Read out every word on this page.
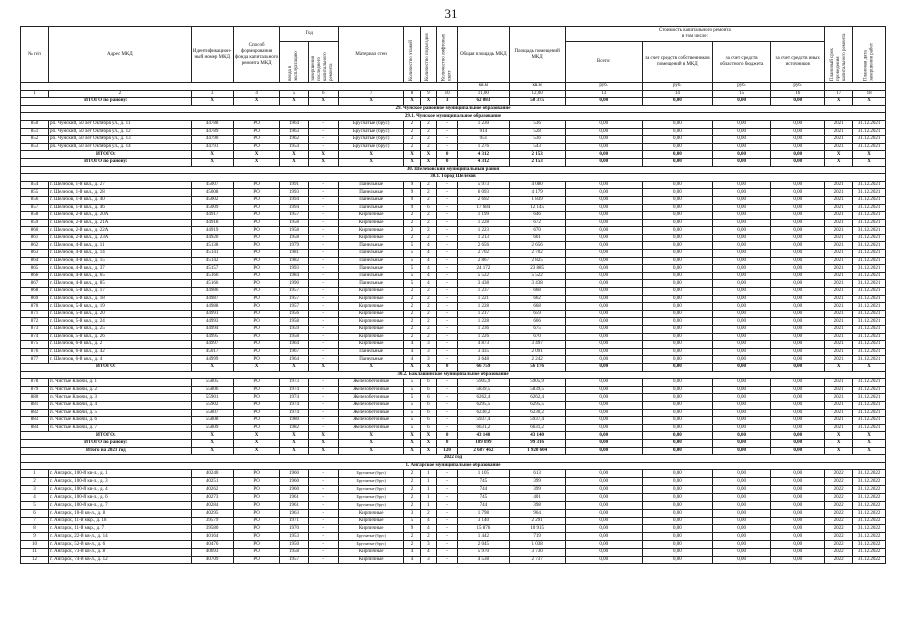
31
№ п/п	Адрес МКД	Идентификационный номер МКД	Способ формирования фонда капитального ремонта МКД	Год		Материал стен	Количество этажей	Количество подъездов	Количество лифтовых шахт	Общая площадь МКД	Площадь помещений МКД	Стоимость капитального ремонта
в том числе:				Плановый срок проведения капитального ремонта	Плановая дата завершения работ
				ввода в эксплуатацию	завершения последнего капитального ремонта							Всего:	за счет средств собственников помещений в МКД	за счет средств областного бюджета	за счет средств иных источников		
										кв.м	кв.м	руб.	руб.	руб.	руб.		
1	2	3	4	5	6	7	8	9	10	11,00	12,00	13	14	15	16	17	18
ИТОГО по району:		X	X	X	X	X	X	X	3	62 083	50 375	0,00	0,00	0,00	0,00	X	X
29. Чунское районное муниципальное образование																	
29.1. Чунское муниципальное образование																	
850	рп. Чунский, 50 лет Октября ул., д. 11	44788	РО	1964	-	Брусчатые (брус)	2	2	-	1 230	536	0,00	0,00	0,00	0,00	2021	31.12.2021
851	рп. Чунский, 50 лет Октября ул., д. 12	44789	РО	1963	-	Брусчатые (брус)	2	2	-	914	528	0,00	0,00	0,00	0,00	2021	31.12.2021
852	рп. Чунский, 50 лет Октября ул., д. 13	44790	РО	1962	-	Брусчатые (брус)	2	2	-	951	536	0,00	0,00	0,00	0,00	2021	31.12.2021
853	рп. Чунский, 50 лет Октября ул., д. 14	44791	РО	1954	-	Брусчатые (брус)	2	2	-	1 276	543	0,00	0,00	0,00	0,00	2021	31.12.2021
ИТОГО:		X	X	X	X	X	X	X	0	4 312	2 153	0,00	0,00	0,00	0,00	X	X
ИТОГО по району:		X	X	X	X	X	X	X	0	4 312	2 153	0,00	0,00	0,00	0,00	X	X
30. Шелеховский муниципальный район																	
30.1. Город Шелехов																	
854	г. Шелехов, 1-й квл., д. 27	45007	РО	1991	-	Панельные	9	2	-	5 973	4 080	0,00	0,00	0,00	0,00	2021	31.12.2021
855	г. Шелехов, 1-й квл., д. 28	45008	РО	1993	-	Панельные	9	2	-	6 093	4 179	0,00	0,00	0,00	0,00	2021	31.12.2021
856	г. Шелехов, 1-й квл., д. 40	45002	РО	1994	-	Панельные	9	2	-	2 692	1 839	0,00	0,00	0,00	0,00	2021	31.12.2021
857	г. Шелехов, 1-й квл., д. 46	45009	РО	1994	-	Панельные	9	6	-	17 684	12 145	0,00	0,00	0,00	0,00	2021	31.12.2021
858	г. Шелехов, 2-й квл., д. 20А	44917	РО	1957	-	Кирпичные	2	2	-	1 199	646	0,00	0,00	0,00	0,00	2021	31.12.2021
859	г. Шелехов, 2-й квл., д. 21А	44918	РО	1958	-	Кирпичные	2	2	-	1 228	672	0,00	0,00	0,00	0,00	2021	31.12.2021
860	г. Шелехов, 2-й квл., д. 22А	44919	РО	1958	-	Кирпичные	2	2	-	1 223	670	0,00	0,00	0,00	0,00	2021	31.12.2021
861	г. Шелехов, 2-й квл., д. 23А	44920	РО	1958	-	Кирпичные	2	2	-	1 213	661	0,00	0,00	0,00	0,00	2021	31.12.2021
862	г. Шелехов, 4-й квл., д. 11	45138	РО	1979	-	Панельные	5	4	-	2 656	2 656	0,00	0,00	0,00	0,00	2021	31.12.2021
863	г. Шелехов, 4-й квл., д. 14	45141	РО	1981	-	Панельные	5	4	-	2 702	2 702	0,00	0,00	0,00	0,00	2021	31.12.2021
864	г. Шелехов, 4-й квл., д. 15	45142	РО	1982	-	Панельные	5	4	-	2 867	2 825	0,00	0,00	0,00	0,00	2021	31.12.2021
865	г. Шелехов, 4-й квл., д. 37	45157	РО	1993	-	Панельные	5	4	-	24 172	23 885	0,00	0,00	0,00	0,00	2021	31.12.2021
866	г. Шелехов, 4-й квл., д. 65	45166	РО	1984	-	Панельные	5	4	-	5 522	5 522	0,00	0,00	0,00	0,00	2021	31.12.2021
867	г. Шелехов, 4-й квл., д. 85	45166	РО	1990	-	Панельные	5	4	-	3 438	3 438	0,00	0,00	0,00	0,00	2021	31.12.2021
868	г. Шелехов, 5-й квл., д. 17	44986	РО	1957	-	Кирпичные	2	2	-	1 237	668	0,00	0,00	0,00	0,00	2021	31.12.2021
869	г. Шелехов, 5-й квл., д. 18	44987	РО	1957	-	Кирпичные	2	2	-	1 221	662	0,00	0,00	0,00	0,00	2021	31.12.2021
870	г. Шелехов, 5-й квл., д. 19	44988	РО	1957	-	Кирпичные	2	2	-	1 228	668	0,00	0,00	0,00	0,00	2021	31.12.2021
871	г. Шелехов, 5-й квл., д. 20	44991	РО	1956	-	Кирпичные	2	2	-	1 217	659	0,00	0,00	0,00	0,00	2021	31.12.2021
872	г. Шелехов, 5-й квл., д. 24	44993	РО	1958	-	Кирпичные	2	2	-	1 228	666	0,00	0,00	0,00	0,00	2021	31.12.2021
873	г. Шелехов, 5-й квл., д. 25	44994	РО	1959	-	Кирпичные	2	2	-	1 236	675	0,00	0,00	0,00	0,00	2021	31.12.2021
874	г. Шелехов, 5-й квл., д. 26	44995	РО	1958	-	Кирпичные	2	2	-	1 226	670	0,00	0,00	0,00	0,00	2021	31.12.2021
875	г. Шелехов, 6-й квл., д. 2	44997	РО	1964	-	Кирпичные	4	3	-	4 873	3 497	0,00	0,00	0,00	0,00	2021	31.12.2021
876	г. Шелехов, 6-й квл., д. 42	45017	РО	1967	-	Панельные	4	3	-	3 435	2 091	0,00	0,00	0,00	0,00	2021	31.12.2021
877	г. Шелехов, 6-й квл., д. 4	44999	РО	1964	-	Панельные	4	3	-	3 648	2 242	0,00	0,00	0,00	0,00	2021	31.12.2021
ИТОГО:		X	X	X	X	X	X	X	0	66 759	56 176	0,00	0,00	0,00	0,00	X	X
30.2. Баклашинское муниципальное образование																	
878	п. Чистые Ключи, д. 1	55805	РО	1973	-	Железобетонные	5	6	-	5905,9	5905,9	0,00	0,00	0,00	0,00	2021	31.12.2021
879	п. Чистые Ключи, д. 2	55806	РО	1974	-	Железобетонные	5	6	-	5839,5	5839,5	0,00	0,00	0,00	0,00	2021	31.12.2021
880	п. Чистые Ключи, д. 3	55901	РО	1974	-	Железобетонные	5	6	-	6262,4	6262,4	0,00	0,00	0,00	0,00	2021	31.12.2021
881	п. Чистые Ключи, д. 4	55902	РО	1974	-	Железобетонные	5	6	-	6295,5	6295,5	0,00	0,00	0,00	0,00	2021	31.12.2021
882	п. Чистые Ключи, д. 5	55807	РО	1974	-	Железобетонные	5	6	-	6230,2	6230,2	0,00	0,00	0,00	0,00	2021	31.12.2021
883	п. Чистые Ключи, д. 6	55808	РО	1980	-	Железобетонные	5	6	-	5937,4	5937,4	0,00	0,00	0,00	0,00	2021	31.12.2021
884	п. Чистые Ключи, д. 7	55809	РО	1982	-	Железобетонные	5	6	-	6631,2	6631,2	0,00	0,00	0,00	0,00	2021	31.12.2021
ИТОГО:		X	X	X	X	X	X	X	0	43 140	43 140	0,00	0,00	0,00	0,00	X	X
ИТОГО по району:		X	X	X	X	X	X	X	0	109 899	99 316	0,00	0,00	0,00	0,00	X	X
Итого на 2021 год		X	X	X	X	X	X	X	120	2 687 462	1 920 604	0,00	0,00	0,00	0,00	X	X
2022 год																	
1. Ангарское муниципальное образование																	
1	г. Ангарск, 100-й кв-л., д. 1	40240	РО	1960	-	Брусчатые (брус)	2	1	-	1 105	613	0,00	0,00	0,00	0,00	2022	31.12.2022
2	г. Ангарск, 100-й кв-л., д. 3	40251	РО	1960	-	Брусчатые (брус)	2	1	-	745	399	0,00	0,00	0,00	0,00	2022	31.12.2022
3	г. Ангарск, 100-й кв-л., д. 4	40262	РО	1960	-	Брусчатые (брус)	2	1	-	744	399	0,00	0,00	0,00	0,00	2022	31.12.2022
4	г. Ангарск, 100-й кв-л., д. 6	40273	РО	1961	-	Брусчатые (брус)	2	1	-	745	401	0,00	0,00	0,00	0,00	2022	31.12.2022
5	г. Ангарск, 100-й кв-л., д. 7	40284	РО	1961	-	Брусчатые (брус)	2	1	-	744	398	0,00	0,00	0,00	0,00	2022	31.12.2022
6	г. Ангарск, 10-й кв-л., д. 8	40295	РО	1963	-	Кирпичные	3	2	-	1 798	964	0,00	0,00	0,00	0,00	2022	31.12.2022
7	г. Ангарск, 11-й мкр., д. 18	39579	РО	1971	-	Кирпичные	5	4	-	3 140	2 291	0,00	0,00	0,00	0,00	2022	31.12.2022
8	г. Ангарск, 11-й мкр., д. 7	39580	РО	1970	-	Кирпичные	9	4	-	15 876	10 915	0,00	0,00	0,00	0,00	2022	31.12.2022
9	г. Ангарск, 22-й кв-л., д. 14	40164	РО	1953	-	Брусчатые (брус)	2	2	-	1 442	719	0,00	0,00	0,00	0,00	2022	31.12.2022
10	г. Ангарск, 52-й кв-л., д. 6	40476	РО	1950	-	Брусчатые (брус)	2	3	-	2 045	1 038	0,00	0,00	0,00	0,00	2022	31.12.2022
11	г. Ангарск, 73-й кв-л., д. 8	40693	РО	1958	-	Кирпичные	4	4	-	5 970	3 730	0,00	0,00	0,00	0,00	2022	31.12.2022
12	г. Ангарск, 74-й кв-л., д. 12	40709	РО	1957	-	Кирпичные	4	3	-	4 538	2 737	0,00	0,00	0,00	0,00	2022	31.12.2022
